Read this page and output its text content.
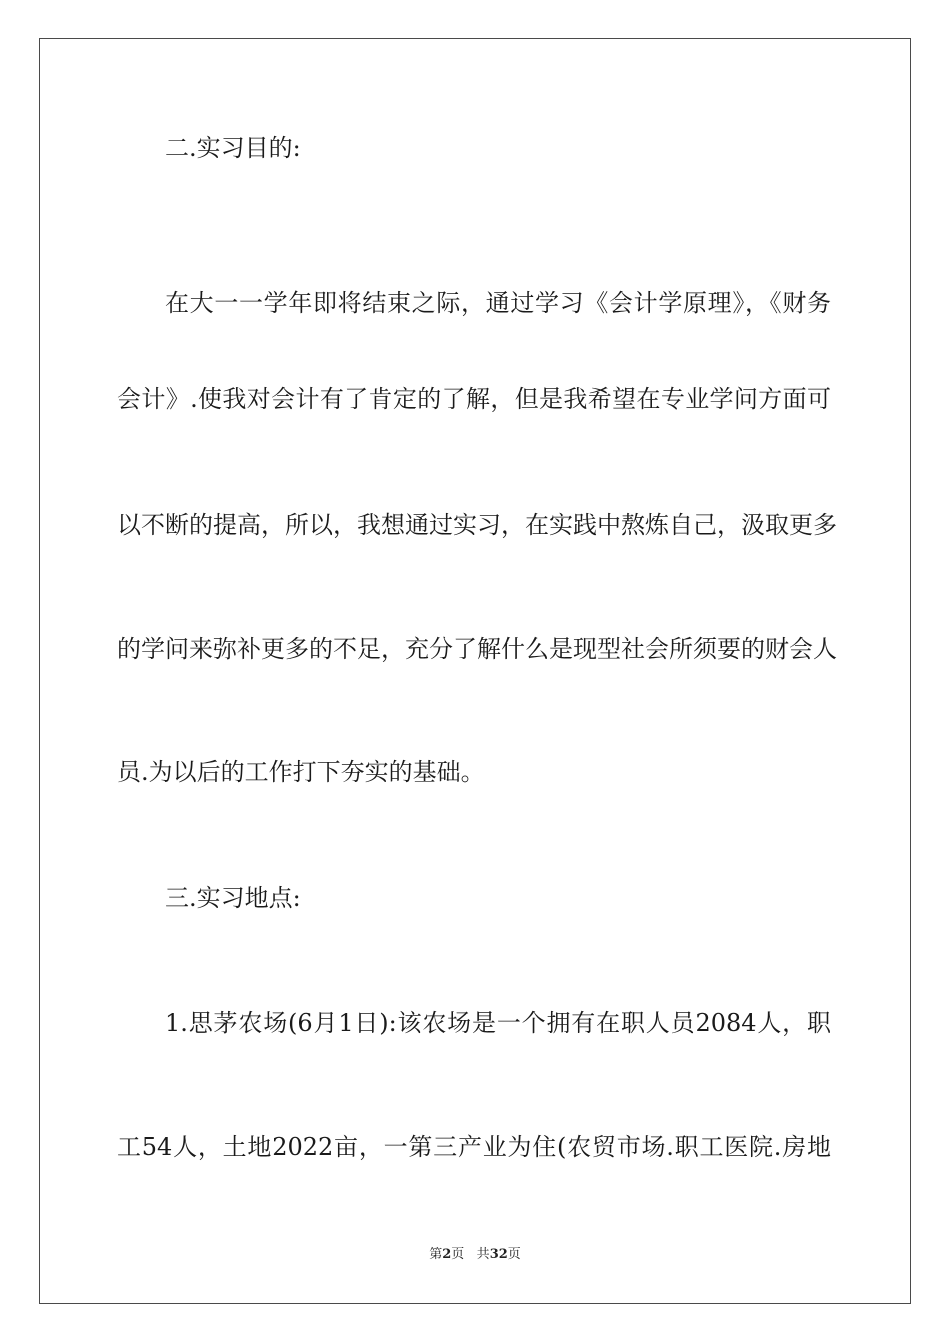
二.实习目的:
在大一一学年即将结束之际，通过学习《会计学原理》，《财务
会计》.使我对会计有了肯定的了解，但是我希望在专业学问方面可
以不断的提高，所以，我想通过实习，在实践中熬炼自己，汲取更多
的学问来弥补更多的不足，充分了解什么是现型社会所须要的财会人
员.为以后的工作打下夯实的基础。
三.实习地点:
1.思茅农场(6月1日):该农场是一个拥有在职人员2084人，职
工54人，土地2022亩，一第三产业为住(农贸市场.职工医院.房地
第2页 共32页
